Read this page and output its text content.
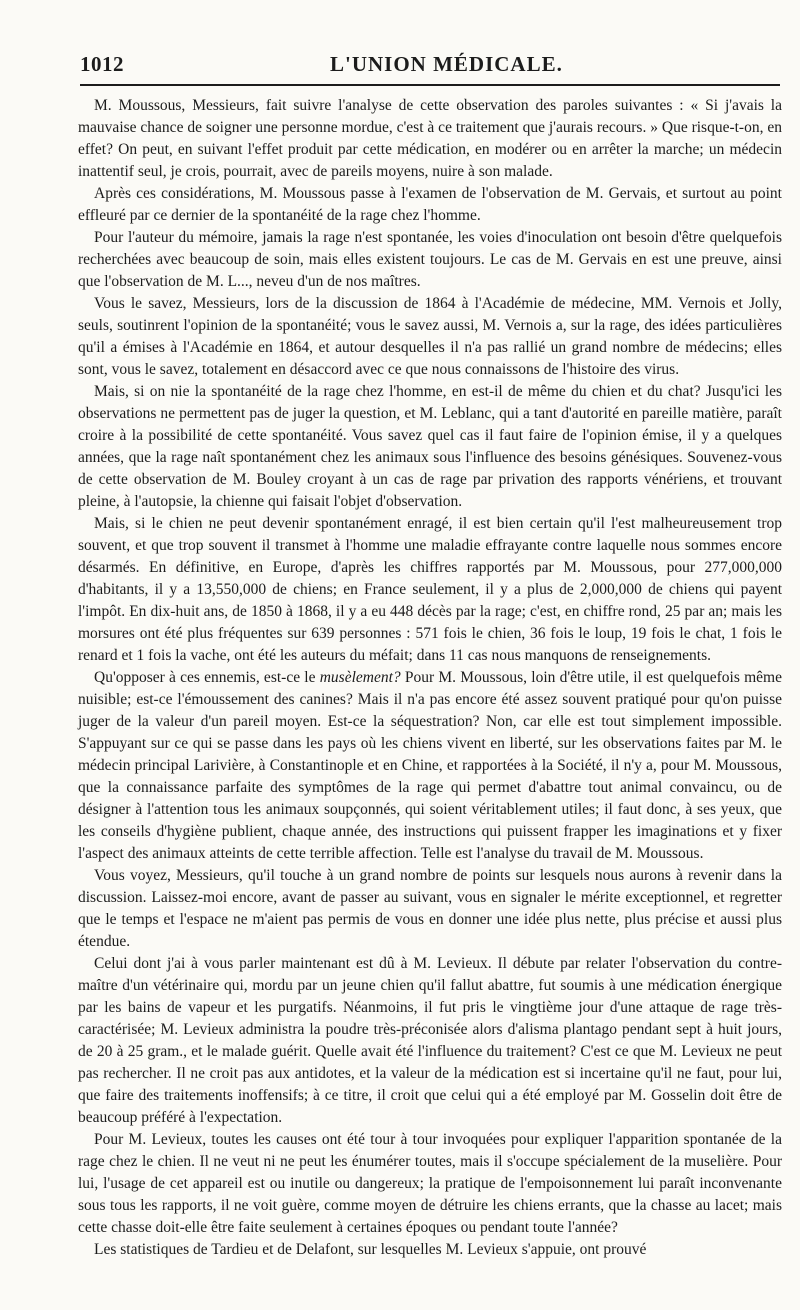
1012	L'UNION MÉDICALE.

M. Moussous, Messieurs, fait suivre l'analyse de cette observation des paroles suivantes : « Si j'avais la mauvaise chance de soigner une personne mordue, c'est à ce traitement que j'aurais recours. » Que risque-t-on, en effet? On peut, en suivant l'effet produit par cette médication, en modérer ou en arrêter la marche; un médecin inattentif seul, je crois, pourrait, avec de pareils moyens, nuire à son malade.

Après ces considérations, M. Moussous passe à l'examen de l'observation de M. Gervais, et surtout au point effleuré par ce dernier de la spontanéité de la rage chez l'homme.

Pour l'auteur du mémoire, jamais la rage n'est spontanée, les voies d'inoculation ont besoin d'être quelquefois recherchées avec beaucoup de soin, mais elles existent toujours. Le cas de M. Gervais en est une preuve, ainsi que l'observation de M. L..., neveu d'un de nos maîtres.

Vous le savez, Messieurs, lors de la discussion de 1864 à l'Académie de médecine, MM. Vernois et Jolly, seuls, soutinrent l'opinion de la spontanéité; vous le savez aussi, M. Vernois a, sur la rage, des idées particulières qu'il a émises à l'Académie en 1864, et autour desquelles il n'a pas rallié un grand nombre de médecins; elles sont, vous le savez, totalement en désaccord avec ce que nous connaissons de l'histoire des virus.

Mais, si on nie la spontanéité de la rage chez l'homme, en est-il de même du chien et du chat? Jusqu'ici les observations ne permettent pas de juger la question, et M. Leblanc, qui a tant d'autorité en pareille matière, paraît croire à la possibilité de cette spontanéité. Vous savez quel cas il faut faire de l'opinion émise, il y a quelques années, que la rage naît spontanément chez les animaux sous l'influence des besoins génésiques. Souvenez-vous de cette observation de M. Bouley croyant à un cas de rage par privation des rapports vénériens, et trouvant pleine, à l'autopsie, la chienne qui faisait l'objet d'observation.

Mais, si le chien ne peut devenir spontanément enragé, il est bien certain qu'il l'est malheureusement trop souvent, et que trop souvent il transmet à l'homme une maladie effrayante contre laquelle nous sommes encore désarmés. En définitive, en Europe, d'après les chiffres rapportés par M. Moussous, pour 277,000,000 d'habitants, il y a 13,550,000 de chiens; en France seulement, il y a plus de 2,000,000 de chiens qui payent l'impôt. En dix-huit ans, de 1850 à 1868, il y a eu 448 décès par la rage; c'est, en chiffre rond, 25 par an; mais les morsures ont été plus fréquentes sur 639 personnes : 571 fois le chien, 36 fois le loup, 19 fois le chat, 1 fois le renard et 1 fois la vache, ont été les auteurs du méfait; dans 11 cas nous manquons de renseignements.

Qu'opposer à ces ennemis, est-ce le musèlement? Pour M. Moussous, loin d'être utile, il est quelquefois même nuisible; est-ce l'émoussement des canines? Mais il n'a pas encore été assez souvent pratiqué pour qu'on puisse juger de la valeur d'un pareil moyen. Est-ce la séquestration? Non, car elle est tout simplement impossible. S'appuyant sur ce qui se passe dans les pays où les chiens vivent en liberté, sur les observations faites par M. le médecin principal Larivière, à Constantinople et en Chine, et rapportées à la Société, il n'y a, pour M. Moussous, que la connaissance parfaite des symptômes de la rage qui permet d'abattre tout animal convaincu, ou de désigner à l'attention tous les animaux soupçonnés, qui soient véritablement utiles; il faut donc, à ses yeux, que les conseils d'hygiène publient, chaque année, des instructions qui puissent frapper les imaginations et y fixer l'aspect des animaux atteints de cette terrible affection. Telle est l'analyse du travail de M. Moussous.

Vous voyez, Messieurs, qu'il touche à un grand nombre de points sur lesquels nous aurons à revenir dans la discussion. Laissez-moi encore, avant de passer au suivant, vous en signaler le mérite exceptionnel, et regretter que le temps et l'espace ne m'aient pas permis de vous en donner une idée plus nette, plus précise et aussi plus étendue.

Celui dont j'ai à vous parler maintenant est dû à M. Levieux. Il débute par relater l'observation du contre-maître d'un vétérinaire qui, mordu par un jeune chien qu'il fallut abattre, fut soumis à une médication énergique par les bains de vapeur et les purgatifs. Néanmoins, il fut pris le vingtième jour d'une attaque de rage très-caractérisée; M. Levieux administra la poudre très-préconisée alors d'alisma plantago pendant sept à huit jours, de 20 à 25 gram., et le malade guérit. Quelle avait été l'influence du traitement? C'est ce que M. Levieux ne peut pas rechercher. Il ne croit pas aux antidotes, et la valeur de la médication est si incertaine qu'il ne faut, pour lui, que faire des traitements inoffensifs; à ce titre, il croit que celui qui a été employé par M. Gosselin doit être de beaucoup préféré à l'expectation.

Pour M. Levieux, toutes les causes ont été tour à tour invoquées pour expliquer l'apparition spontanée de la rage chez le chien. Il ne veut ni ne peut les énumérer toutes, mais il s'occupe spécialement de la muselière. Pour lui, l'usage de cet appareil est ou inutile ou dangereux; la pratique de l'empoisonnement lui paraît inconvenante sous tous les rapports, il ne voit guère, comme moyen de détruire les chiens errants, que la chasse au lacet; mais cette chasse doit-elle être faite seulement à certaines époques ou pendant toute l'année?

Les statistiques de Tardieu et de Delafont, sur lesquelles M. Levieux s'appuie, ont prouvé
